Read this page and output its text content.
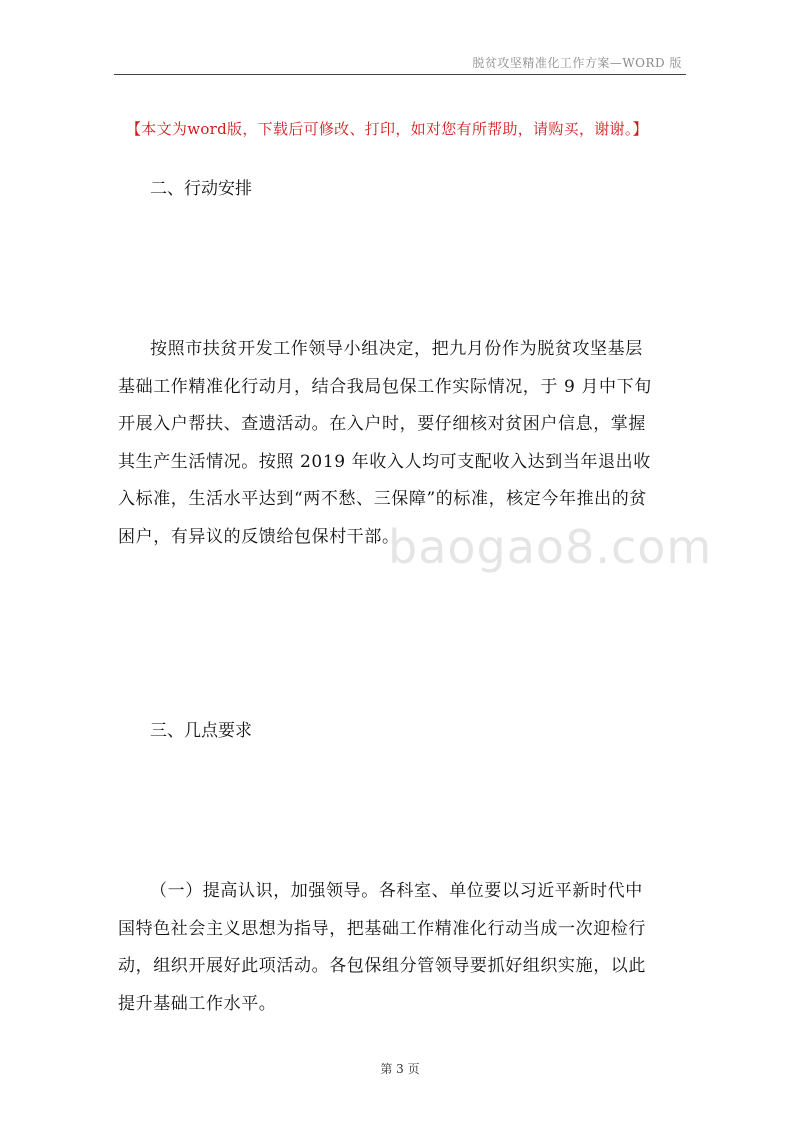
脱贫攻坚精准化工作方案—WORD 版
【本文为word版，下载后可修改、打印，如对您有所帮助，请购买，谢谢。】
二、行动安排
按照市扶贫开发工作领导小组决定，把九月份作为脱贫攻坚基层
基础工作精准化行动月，结合我局包保工作实际情况，于 9 月中下旬
开展入户帮扶、查遗活动。在入户时，要仔细核对贫困户信息，掌握
其生产生活情况。按照 2019 年收入人均可支配收入达到当年退出收
入标准，生活水平达到“两不愁、三保障”的标准，核定今年推出的贫
困户，有异议的反馈给包保村干部。
baogao8.com
三、几点要求
（一）提高认识，加强领导。各科室、单位要以习近平新时代中
国特色社会主义思想为指导，把基础工作精准化行动当成一次迎检行
动，组织开展好此项活动。各包保组分管领导要抓好组织实施，以此
提升基础工作水平。
第 3 页
